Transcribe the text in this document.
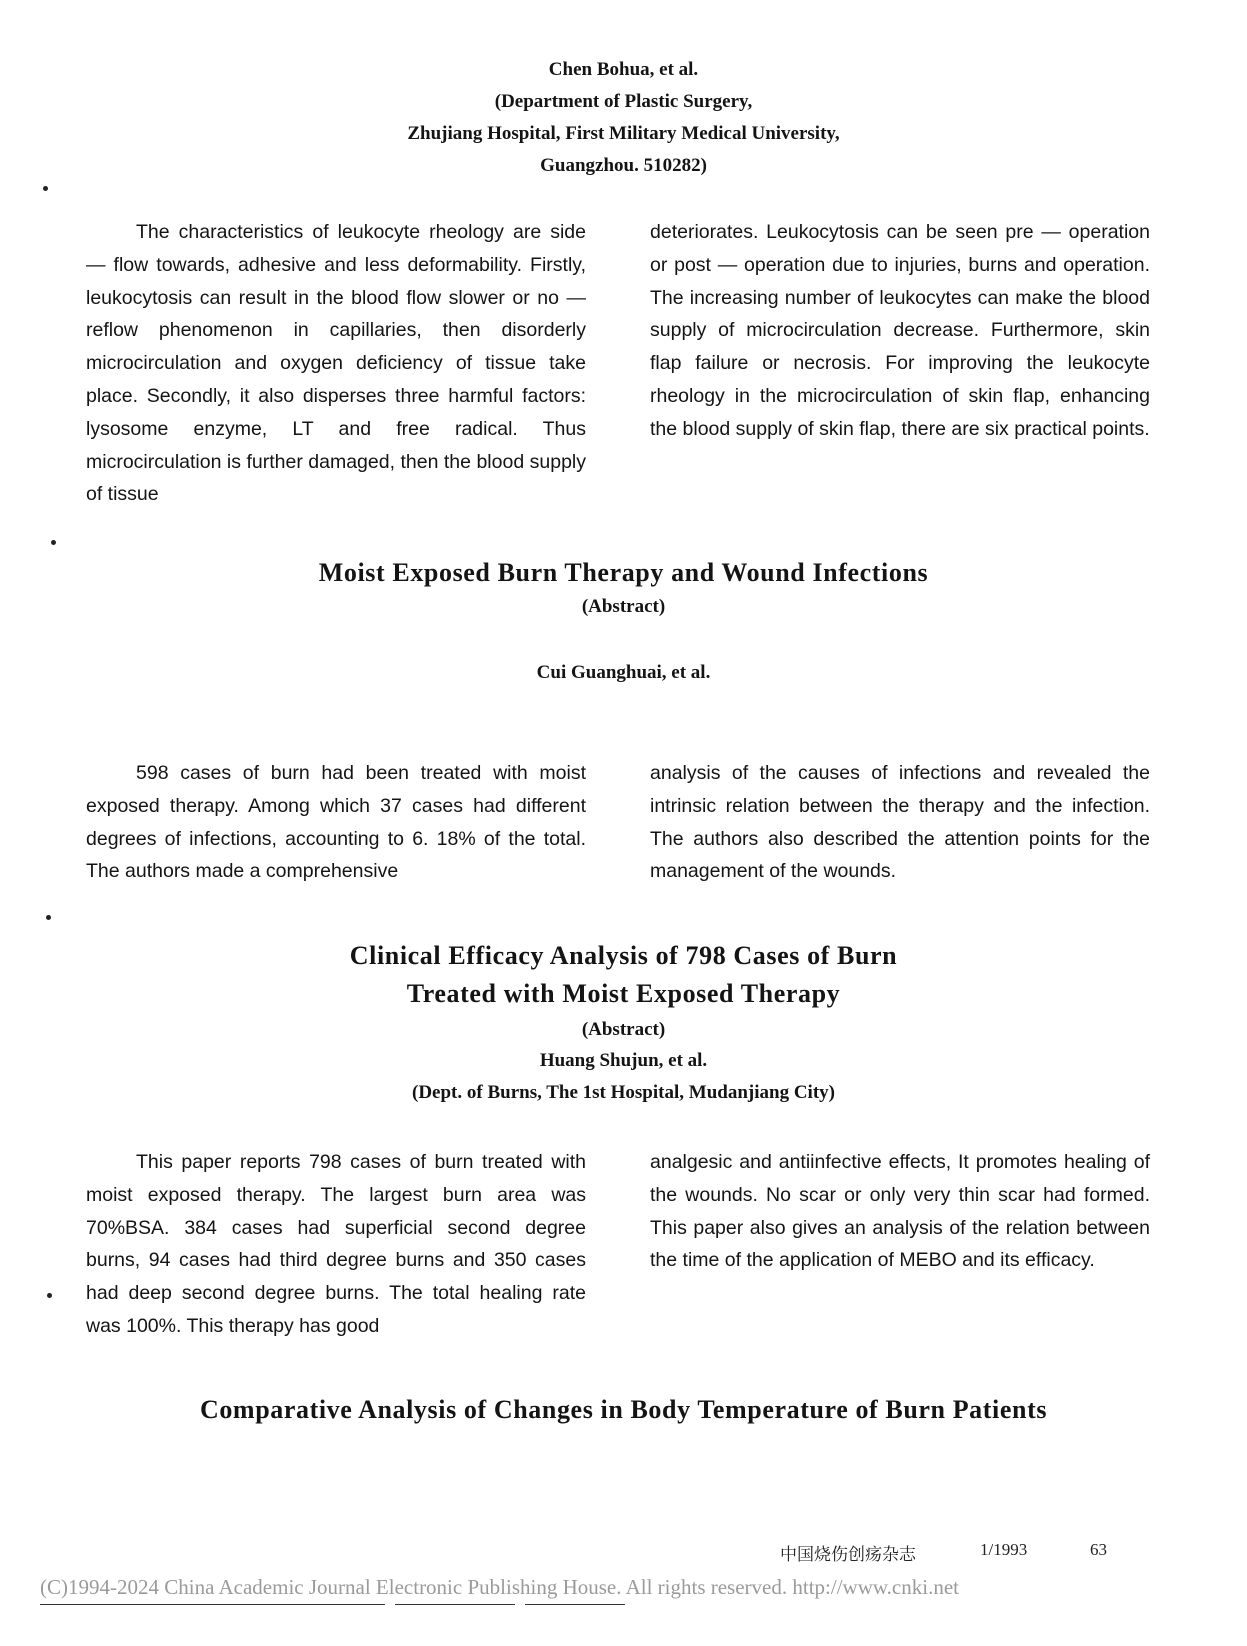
Chen Bohua, et al.
(Department of Plastic Surgery,
Zhujiang Hospital, First Military Medical University,
Guangzhou. 510282)

The characteristics of leukocyte rheology are side — flow towards, adhesive and less deformability. Firstly, leukocytosis can result in the blood flow slower or no — reflow phenomenon in capillaries, then disorderly microcirculation and oxygen deficiency of tissue take place. Secondly, it also disperses three harmful factors: lysosome enzyme, LT and free radical. Thus microcirculation is further damaged, then the blood supply of tissue

deteriorates. Leukocytosis can be seen pre — operation or post — operation due to injuries, burns and operation. The increasing number of leukocytes can make the blood supply of microcirculation decrease. Furthermore, skin flap failure or necrosis. For improving the leukocyte rheology in the microcirculation of skin flap, enhancing the blood supply of skin flap, there are six practical points.

Moist Exposed Burn Therapy and Wound Infections
(Abstract)
Cui Guanghuai, et al.

598 cases of burn had been treated with moist exposed therapy. Among which 37 cases had different degrees of infections, accounting to 6. 18% of the total. The authors made a comprehensive

analysis of the causes of infections and revealed the intrinsic relation between the therapy and the infection. The authors also described the attention points for the management of the wounds.

Clinical Efficacy Analysis of 798 Cases of Burn
Treated with Moist Exposed Therapy
(Abstract)
Huang Shujun, et al.
(Dept. of Burns, The 1st Hospital, Mudanjiang City)

This paper reports 798 cases of burn treated with moist exposed therapy. The largest burn area was 70%BSA. 384 cases had superficial second degree burns, 94 cases had third degree burns and 350 cases had deep second degree burns. The total healing rate was 100%. This therapy has good

analgesic and antiinfective effects, It promotes healing of the wounds. No scar or only very thin scar had formed. This paper also gives an analysis of the relation between the time of the application of MEBO and its efficacy.

Comparative Analysis of Changes in Body Temperature of Burn Patients
中国烧伤创疡杂志	1/1993	63
(C)1994-2024 China Academic Journal Electronic Publishing House. All rights reserved. http://www.cnki.net
